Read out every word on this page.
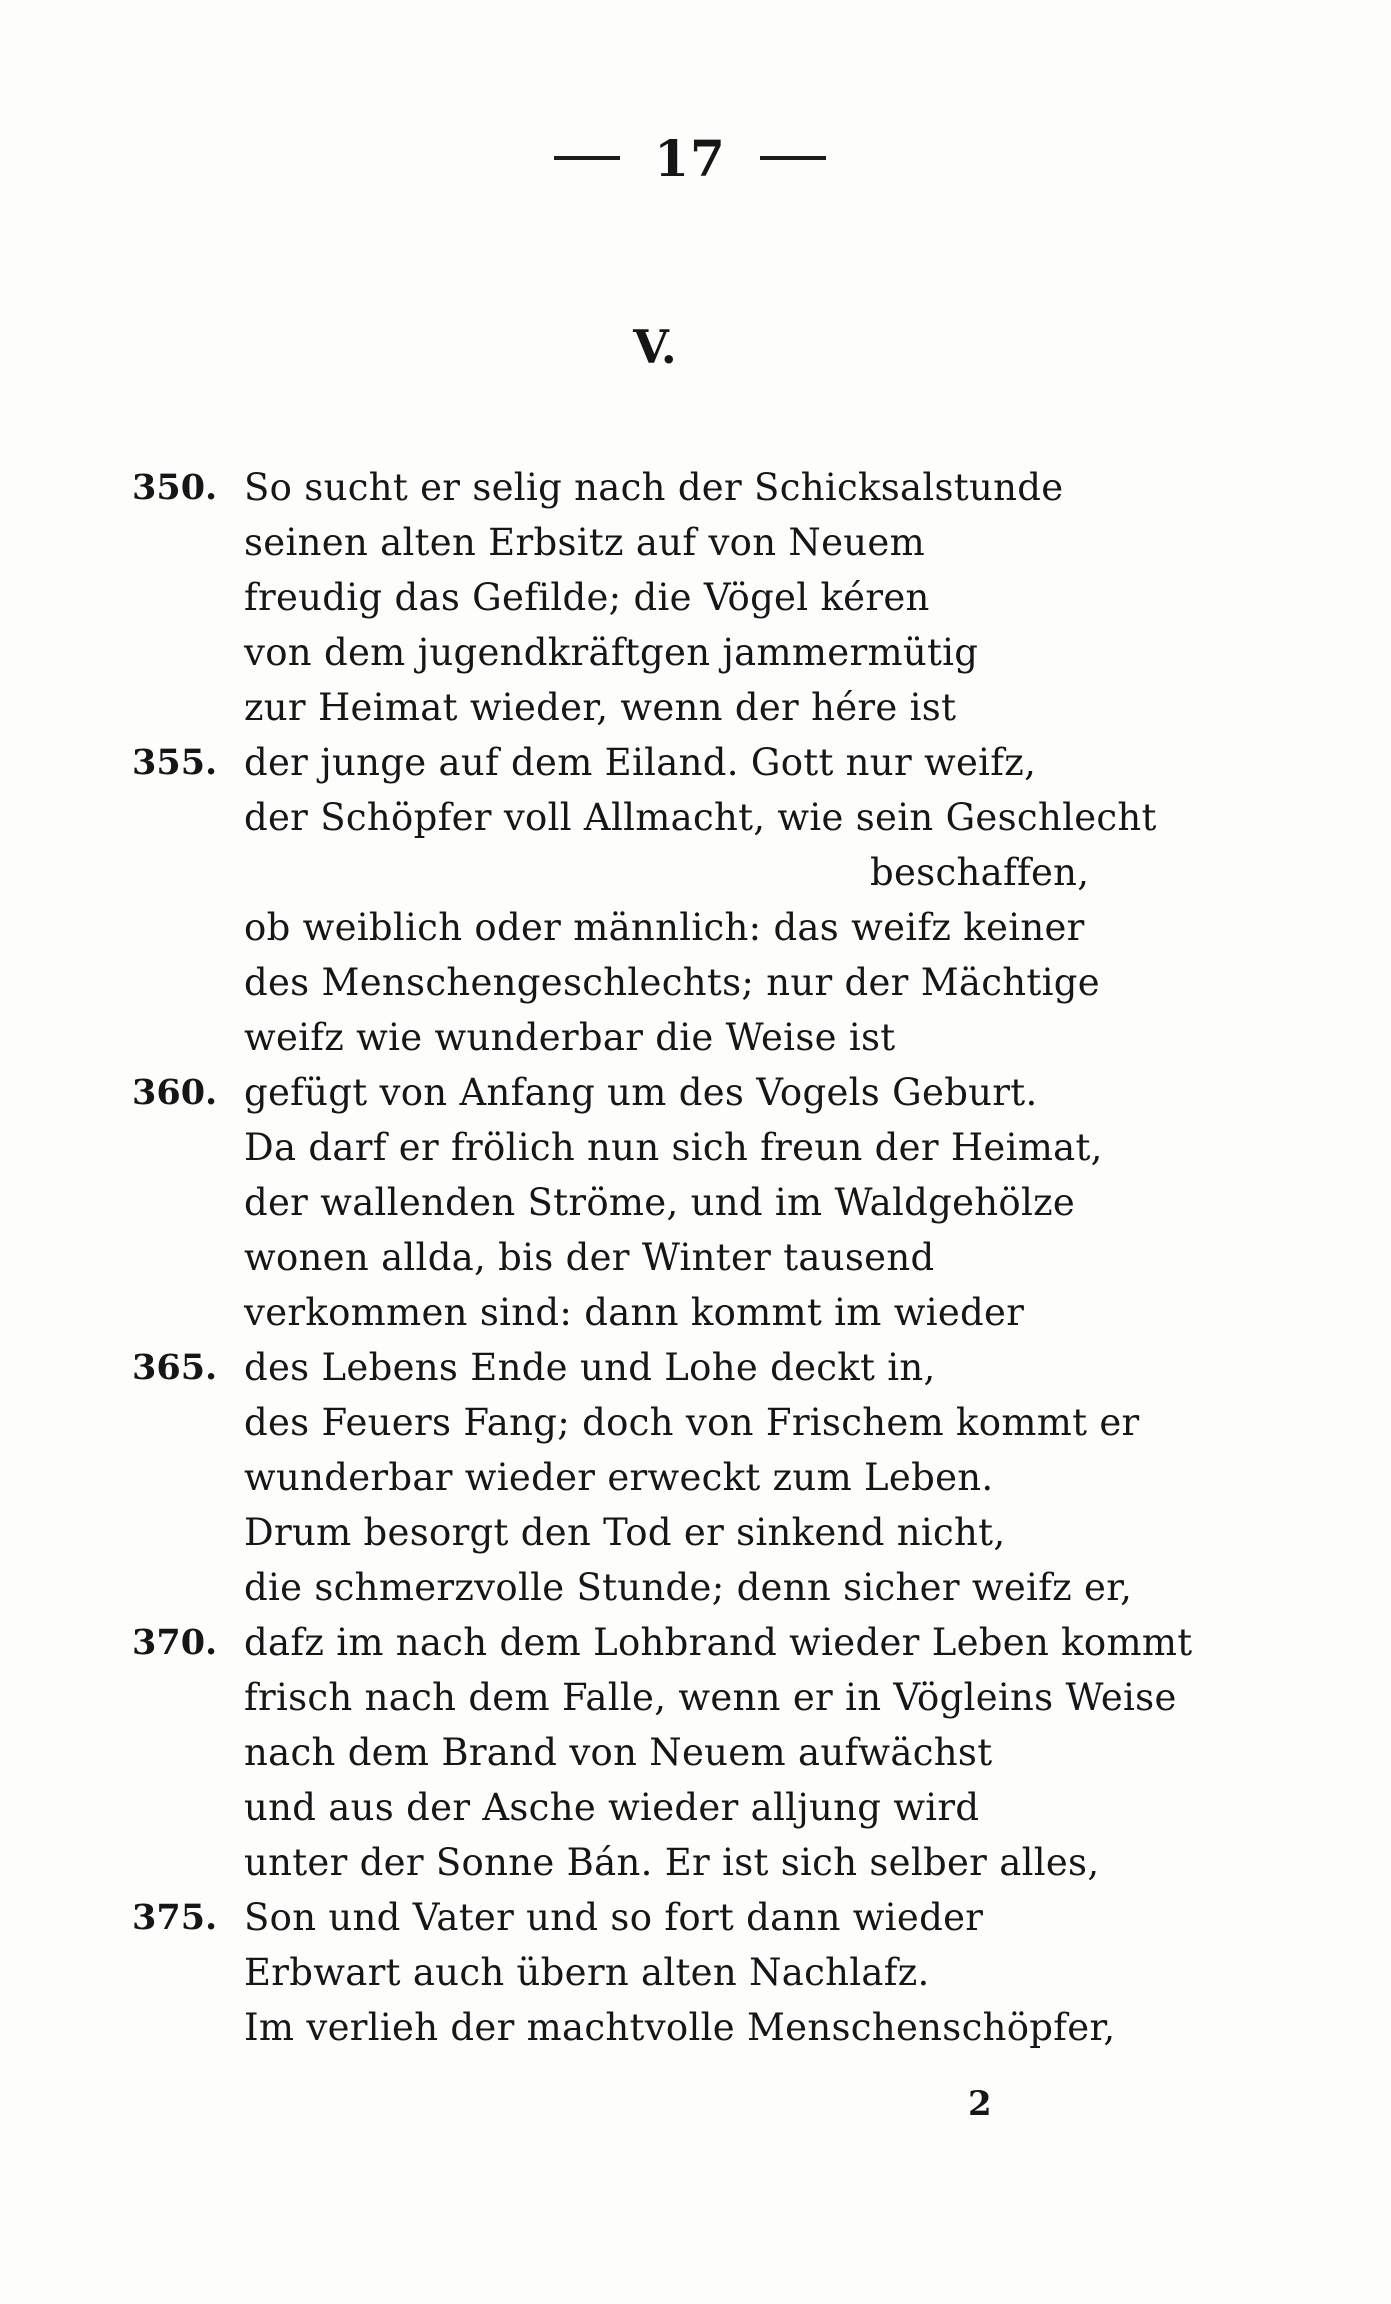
17
V.
350. So sucht er selig nach der Schicksalstunde
seinen alten Erbsitz auf von Neuem
freudig das Gefilde; die Vögel kéren
von dem jugendkräftgen jammermütig
zur Heimat wieder, wenn der hére ist
355. der junge auf dem Eiland. Gott nur weifz,
der Schöpfer voll Allmacht, wie sein Geschlecht
beschaffen,
ob weiblich oder männlich: das weifz keiner
des Menschengeschlechts; nur der Mächtige
weifz wie wunderbar die Weise ist
360. gefügt von Anfang um des Vogels Geburt.
Da darf er frölich nun sich freun der Heimat,
der wallenden Ströme, und im Waldgehölze
wonen allda, bis der Winter tausend
verkommen sind: dann kommt im wieder
365. des Lebens Ende und Lohe deckt in,
des Feuers Fang; doch von Frischem kommt er
wunderbar wieder erweckt zum Leben.
Drum besorgt den Tod er sinkend nicht,
die schmerzvolle Stunde; denn sicher weifz er,
370. dafz im nach dem Lohbrand wieder Leben kommt
frisch nach dem Falle, wenn er in Vögleins Weise
nach dem Brand von Neuem aufwächst
und aus der Asche wieder alljung wird
unter der Sonne Bán. Er ist sich selber alles,
375. Son und Vater und so fort dann wieder
Erbwart auch übern alten Nachlafz.
Im verlieh der machtvolle Menschenschöpfer,
2
